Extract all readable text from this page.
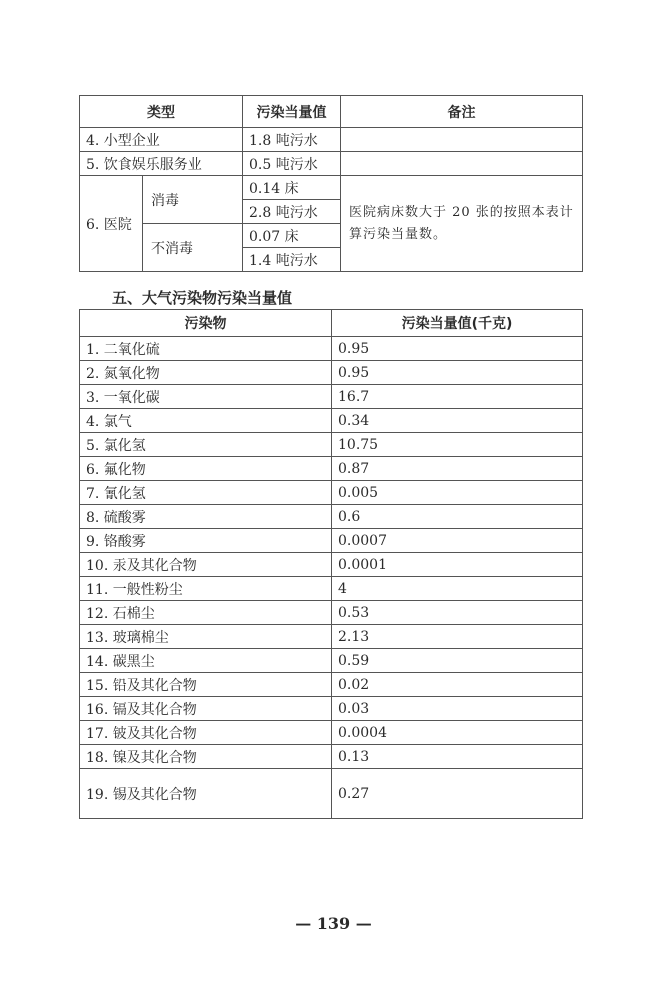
类型		污染当量值	备注
4. 小型企业		1.8 吨污水	
5. 饮食娱乐服务业		0.5 吨污水	
6. 医院	消毒	0.14 床	医院病床数大于 20 张的按照本表计算污染当量数。
		2.8 吨污水	
	不消毒	0.07 床	
		1.4 吨污水	
五、大气污染物污染当量值
污染物	污染当量值(千克)
1. 二氧化硫	0.95
2. 氮氧化物	0.95
3. 一氧化碳	16.7
4. 氯气	0.34
5. 氯化氢	10.75
6. 氟化物	0.87
7. 氰化氢	0.005
8. 硫酸雾	0.6
9. 铬酸雾	0.0007
10. 汞及其化合物	0.0001
11. 一般性粉尘	4
12. 石棉尘	0.53
13. 玻璃棉尘	2.13
14. 碳黑尘	0.59
15. 铅及其化合物	0.02
16. 镉及其化合物	0.03
17. 铍及其化合物	0.0004
18. 镍及其化合物	0.13
19. 锡及其化合物	0.27
— 139 —
